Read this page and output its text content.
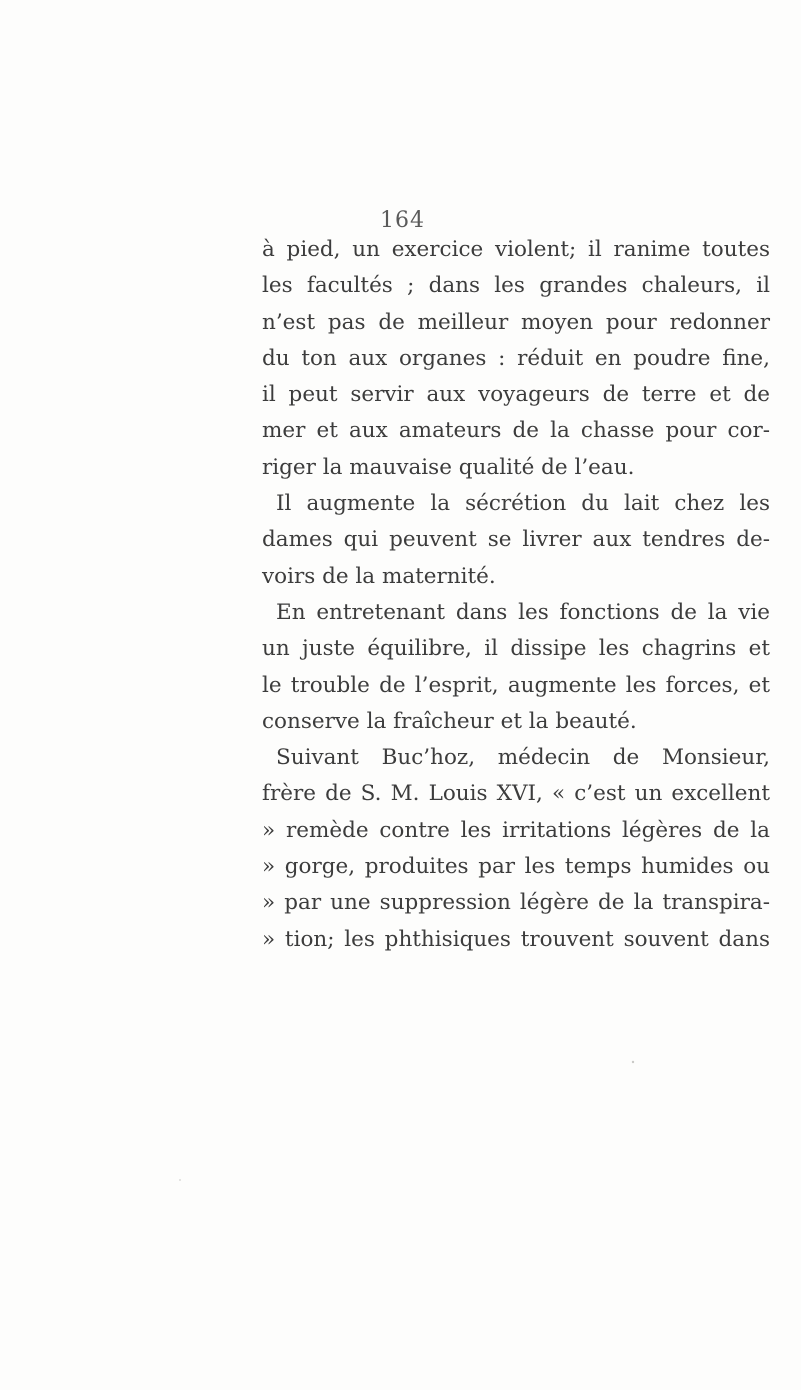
164
à pied, un exercice violent; il ranime toutes
les facultés ; dans les grandes chaleurs, il
n’est pas de meilleur moyen pour redonner
du ton aux organes : réduit en poudre fine,
il peut servir aux voyageurs de terre et de
mer et aux amateurs de la chasse pour cor-
riger la mauvaise qualité de l’eau.
Il augmente la sécrétion du lait chez les
dames qui peuvent se livrer aux tendres de-
voirs de la maternité.
En entretenant dans les fonctions de la vie
un juste équilibre, il dissipe les chagrins et
le trouble de l’esprit, augmente les forces, et
conserve la fraîcheur et la beauté.
Suivant Buc’hoz, médecin de Monsieur,
frère de S. M. Louis XVI, « c’est un excellent
» remède contre les irritations légères de la
» gorge, produites par les temps humides ou
» par une suppression légère de la transpira-
» tion; les phthisiques trouvent souvent dans
